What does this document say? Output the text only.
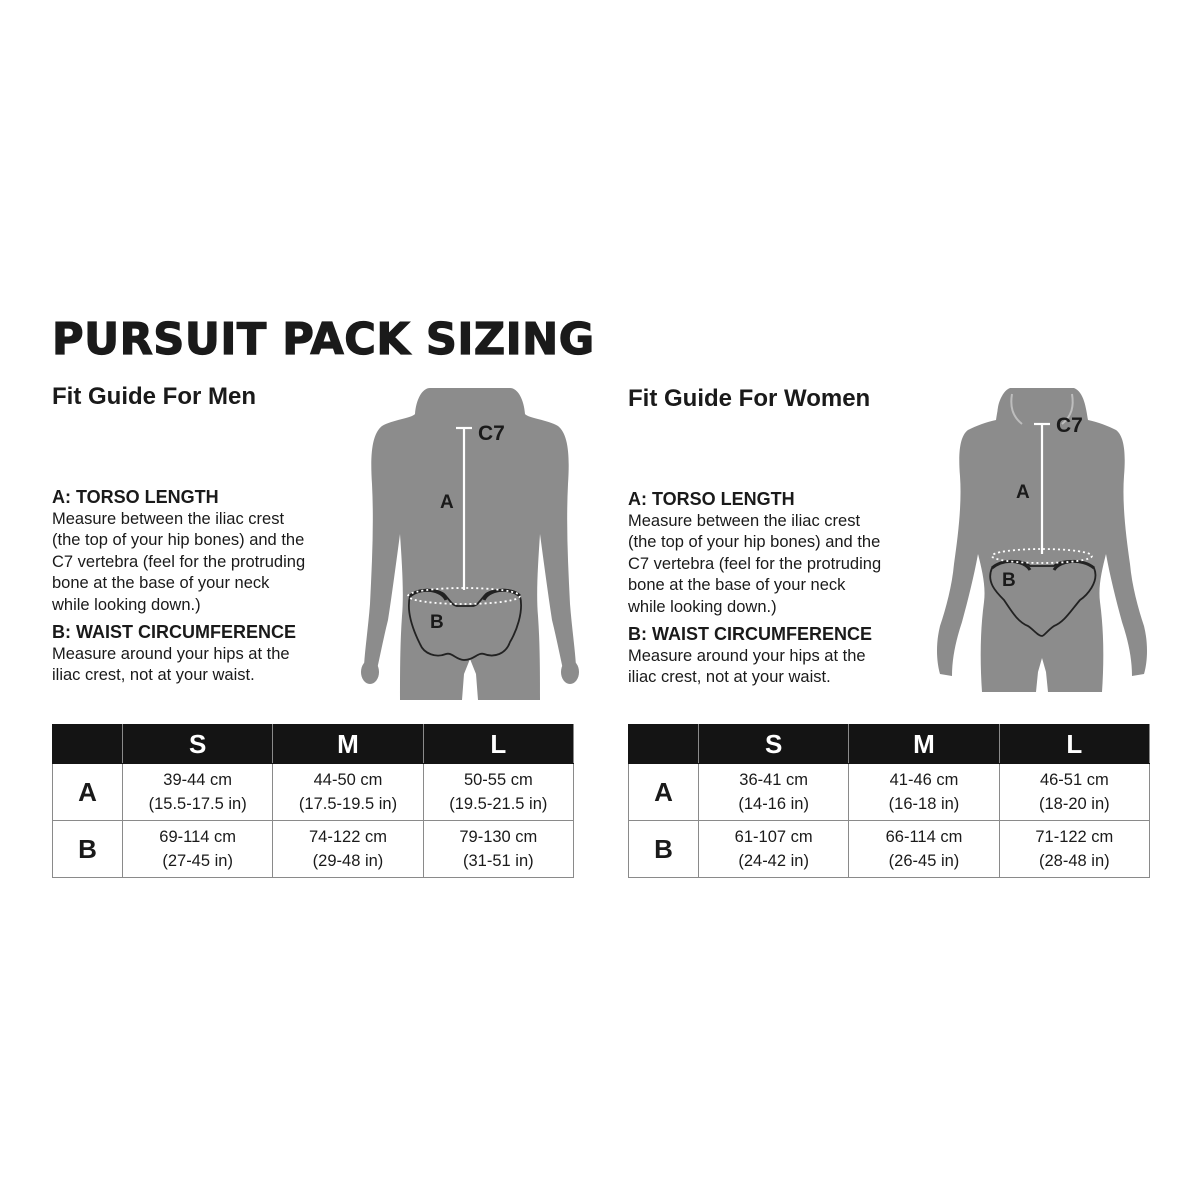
PURSUIT PACK SIZING
Fit Guide For Men
A: TORSO LENGTH
Measure between the iliac crest
(the top of your hip bones) and the
C7 vertebra (feel for the protruding
bone at the base of your neck
while looking down.)
B: WAIST CIRCUMFERENCE
Measure around your hips at the
iliac crest, not at your waist.
C7
A
B
	S	M	L
A	39-44 cm
(15.5-17.5 in)	44-50 cm
(17.5-19.5 in)	50-55 cm
(19.5-21.5 in)

B	69-114 cm
(27-45 in)	74-122 cm
(29-48 in)	79-130 cm
(31-51 in)
Fit Guide For Women
A: TORSO LENGTH
Measure between the iliac crest
(the top of your hip bones) and the
C7 vertebra (feel for the protruding
bone at the base of your neck
while looking down.)
B: WAIST CIRCUMFERENCE
Measure around your hips at the
iliac crest, not at your waist.
C7
A
B
	S	M	L
A	36-41 cm
(14-16 in)	41-46 cm
(16-18 in)	46-51 cm
(18-20 in)

B	61-107 cm
(24-42 in)	66-114 cm
(26-45 in)	71-122 cm
(28-48 in)
